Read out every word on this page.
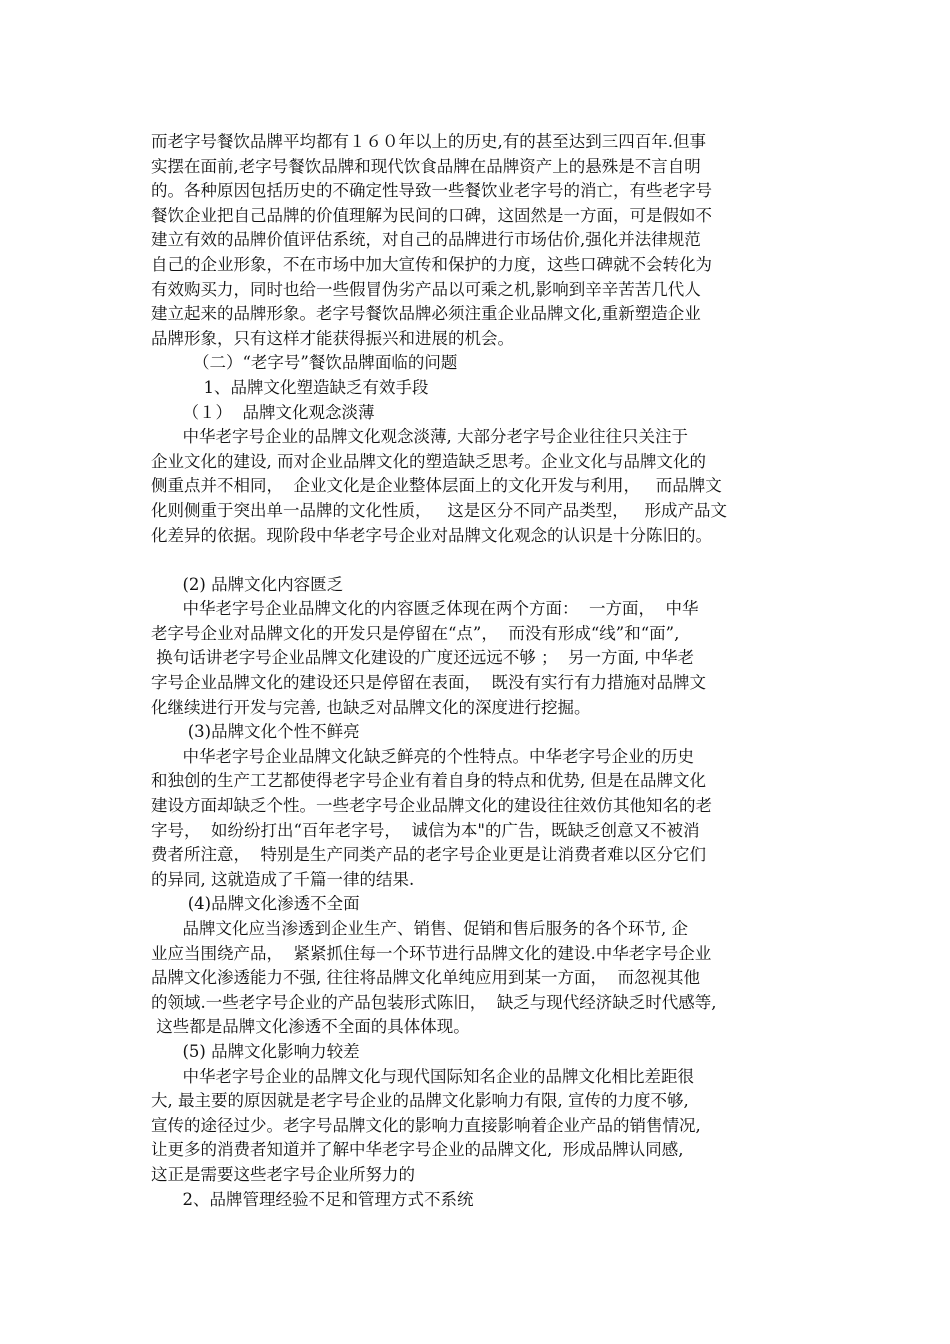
而老字号餐饮品牌平均都有１６０年以上的历史,有的甚至达到三四百年.但事
实摆在面前,老字号餐饮品牌和现代饮食品牌在品牌资产上的悬殊是不言自明
的。各种原因包括历史的不确定性导致一些餐饮业老字号的消亡，有些老字号
餐饮企业把自己品牌的价值理解为民间的口碑，这固然是一方面，可是假如不
建立有效的品牌价值评估系统，对自己的品牌进行市场估价,强化并法律规范
自己的企业形象，不在市场中加大宣传和保护的力度，这些口碑就不会转化为
有效购买力，同时也给一些假冒伪劣产品以可乘之机,影响到辛辛苦苦几代人
建立起来的品牌形象。老字号餐饮品牌必须注重企业品牌文化,重新塑造企业
品牌形象，只有这样才能获得振兴和进展的机会。
（二）“老字号”餐饮品牌面临的问题
1、品牌文化塑造缺乏有效手段
（１）  品牌文化观念淡薄
中华老字号企业的品牌文化观念淡薄, 大部分老字号企业往往只关注于
企业文化的建设, 而对企业品牌文化的塑造缺乏思考。企业文化与品牌文化的
侧重点并不相同，  企业文化是企业整体层面上的文化开发与利用，   而品牌文
化则侧重于突出单一品牌的文化性质，   这是区分不同产品类型，   形成产品文
化差异的依据。现阶段中华老字号企业对品牌文化观念的认识是十分陈旧的。
(2) 品牌文化内容匮乏
中华老字号企业品牌文化的内容匮乏体现在两个方面：  一方面，  中华
老字号企业对品牌文化的开发只是停留在“点”，  而没有形成“线”和“面”,
换句话讲老字号企业品牌文化建设的广度还远远不够 ；  另一方面, 中华老
字号企业品牌文化的建设还只是停留在表面，  既没有实行有力措施对品牌文
化继续进行开发与完善, 也缺乏对品牌文化的深度进行挖掘。
(3)品牌文化个性不鲜亮
中华老字号企业品牌文化缺乏鲜亮的个性特点。中华老字号企业的历史
和独创的生产工艺都使得老字号企业有着自身的特点和优势, 但是在品牌文化
建设方面却缺乏个性。一些老字号企业品牌文化的建设往往效仿其他知名的老
字号，  如纷纷打出“百年老字号，  诚信为本"的广告，既缺乏创意又不被消
费者所注意，  特别是生产同类产品的老字号企业更是让消费者难以区分它们
的异同, 这就造成了千篇一律的结果.
(4)品牌文化渗透不全面
品牌文化应当渗透到企业生产、销售、促销和售后服务的各个环节, 企
业应当围绕产品，  紧紧抓住每一个环节进行品牌文化的建设.中华老字号企业
品牌文化渗透能力不强, 往往将品牌文化单纯应用到某一方面，  而忽视其他
的领域.一些老字号企业的产品包装形式陈旧，  缺乏与现代经济缺乏时代感等,
这些都是品牌文化渗透不全面的具体体现。
(5) 品牌文化影响力较差
中华老字号企业的品牌文化与现代国际知名企业的品牌文化相比差距很
大, 最主要的原因就是老字号企业的品牌文化影响力有限, 宣传的力度不够,
宣传的途径过少。老字号品牌文化的影响力直接影响着企业产品的销售情况,
让更多的消费者知道并了解中华老字号企业的品牌文化,  形成品牌认同感,
这正是需要这些老字号企业所努力的
2、品牌管理经验不足和管理方式不系统
